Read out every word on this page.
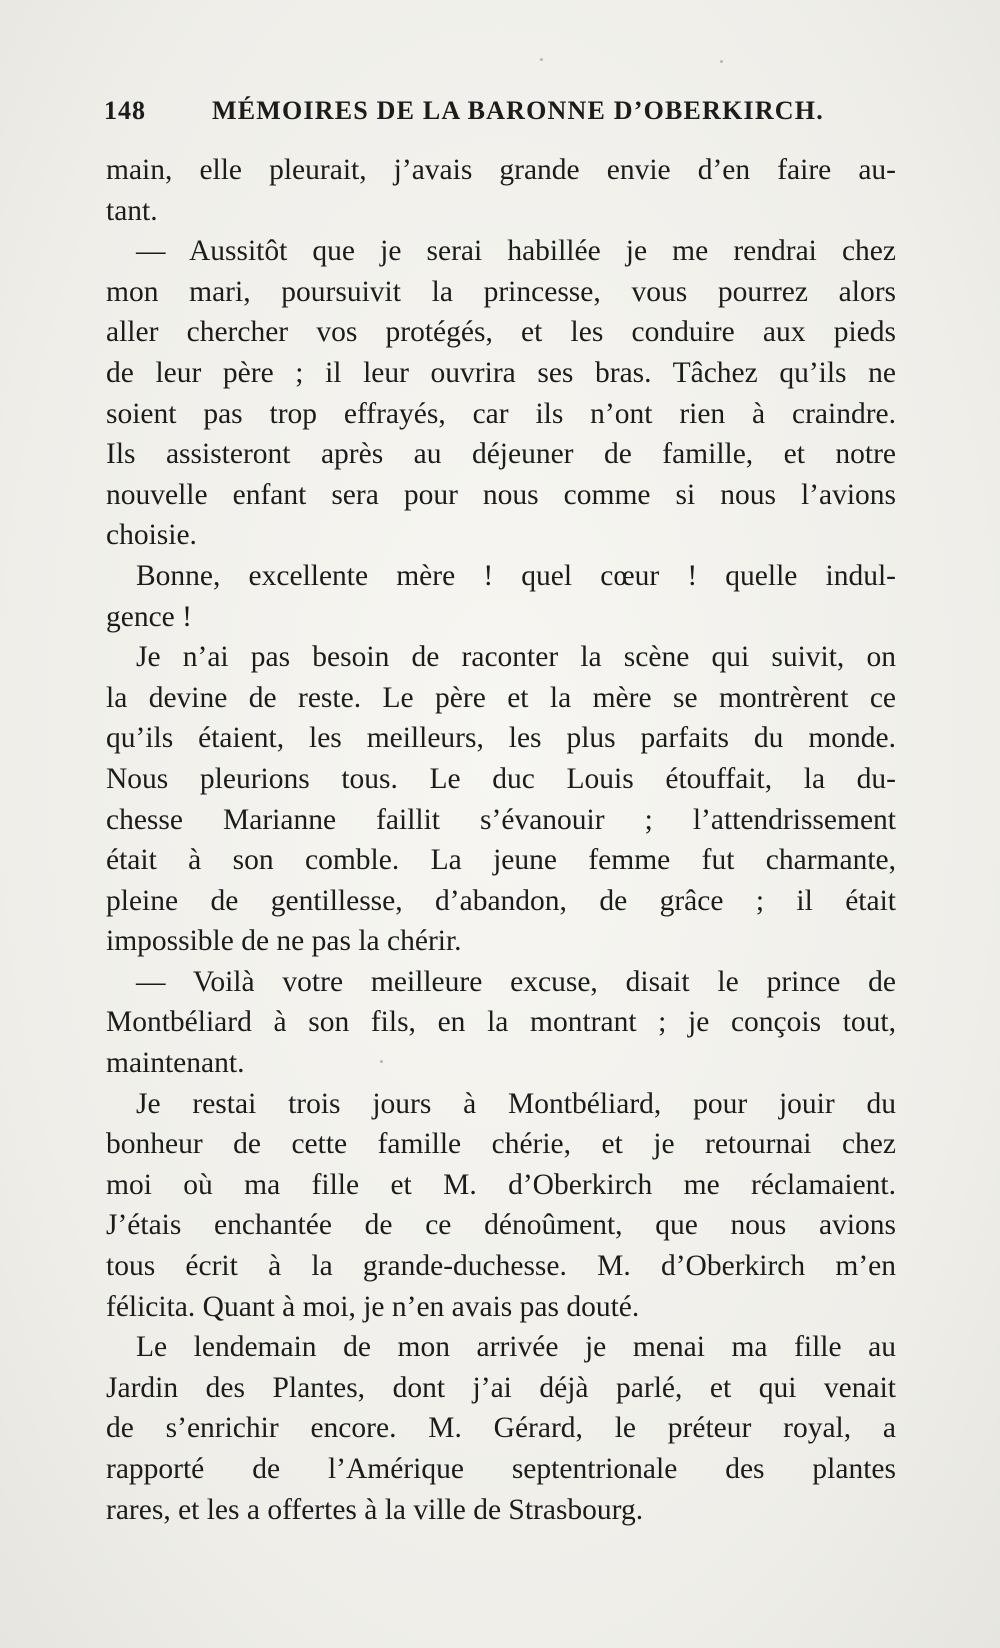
148	MÉMOIRES DE LA BARONNE D’OBERKIRCH.
main, elle pleurait, j’avais grande envie d’en faire au-
tant.
— Aussitôt que je serai habillée je me rendrai chez
mon mari, poursuivit la princesse, vous pourrez alors
aller chercher vos protégés, et les conduire aux pieds
de leur père ; il leur ouvrira ses bras. Tâchez qu’ils ne
soient pas trop effrayés, car ils n’ont rien à craindre.
Ils assisteront après au déjeuner de famille, et notre
nouvelle enfant sera pour nous comme si nous l’avions
choisie.
Bonne, excellente mère ! quel cœur ! quelle indul-
gence !
Je n’ai pas besoin de raconter la scène qui suivit, on
la devine de reste. Le père et la mère se montrèrent ce
qu’ils étaient, les meilleurs, les plus parfaits du monde.
Nous pleurions tous. Le duc Louis étouffait, la du-
chesse Marianne faillit s’évanouir ; l’attendrissement
était à son comble. La jeune femme fut charmante,
pleine de gentillesse, d’abandon, de grâce ; il était
impossible de ne pas la chérir.
— Voilà votre meilleure excuse, disait le prince de
Montbéliard à son fils, en la montrant ; je conçois tout,
maintenant.
Je restai trois jours à Montbéliard, pour jouir du
bonheur de cette famille chérie, et je retournai chez
moi où ma fille et M. d’Oberkirch me réclamaient.
J’étais enchantée de ce dénoûment, que nous avions
tous écrit à la grande-duchesse. M. d’Oberkirch m’en
félicita. Quant à moi, je n’en avais pas douté.
Le lendemain de mon arrivée je menai ma fille au
Jardin des Plantes, dont j’ai déjà parlé, et qui venait
de s’enrichir encore. M. Gérard, le préteur royal, a
rapporté de l’Amérique septentrionale des plantes
rares, et les a offertes à la ville de Strasbourg.
